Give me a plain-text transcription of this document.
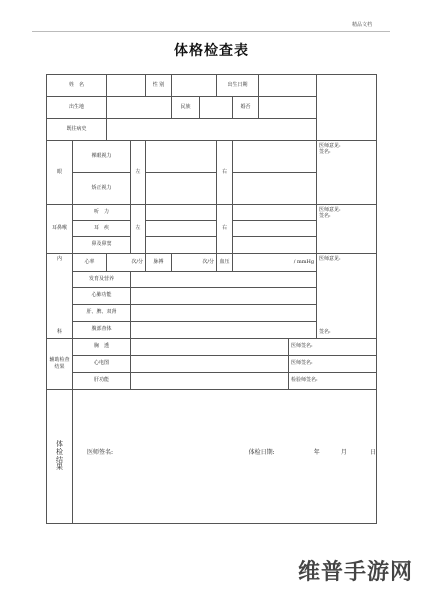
精品文档
体格检查表
姓　名				性 别			出生日期				
出生地					民族			婚否			
既往病史											
眼	裸眼视力		左				右				医师意见:
签名:

	矫正视力										
耳鼻喉	听　力		左				右				医师意见:
签名:

	耳　疾										
	鼻及鼻窦										

内
科	心率	次/分		脉搏	次/分		血压	/ mmHg			医师意见:
签名:

	发育及营养										
	心肺功能										
	肝、脾、双肾										
	腹部查体										
辅助检查结果	胸　透									医师签名:	
	心电图									医师签名:	
	肝功能									检验师签名:	

体
检
结
果	医师签名: 体检日期: 年 月 日										
维普手游网
